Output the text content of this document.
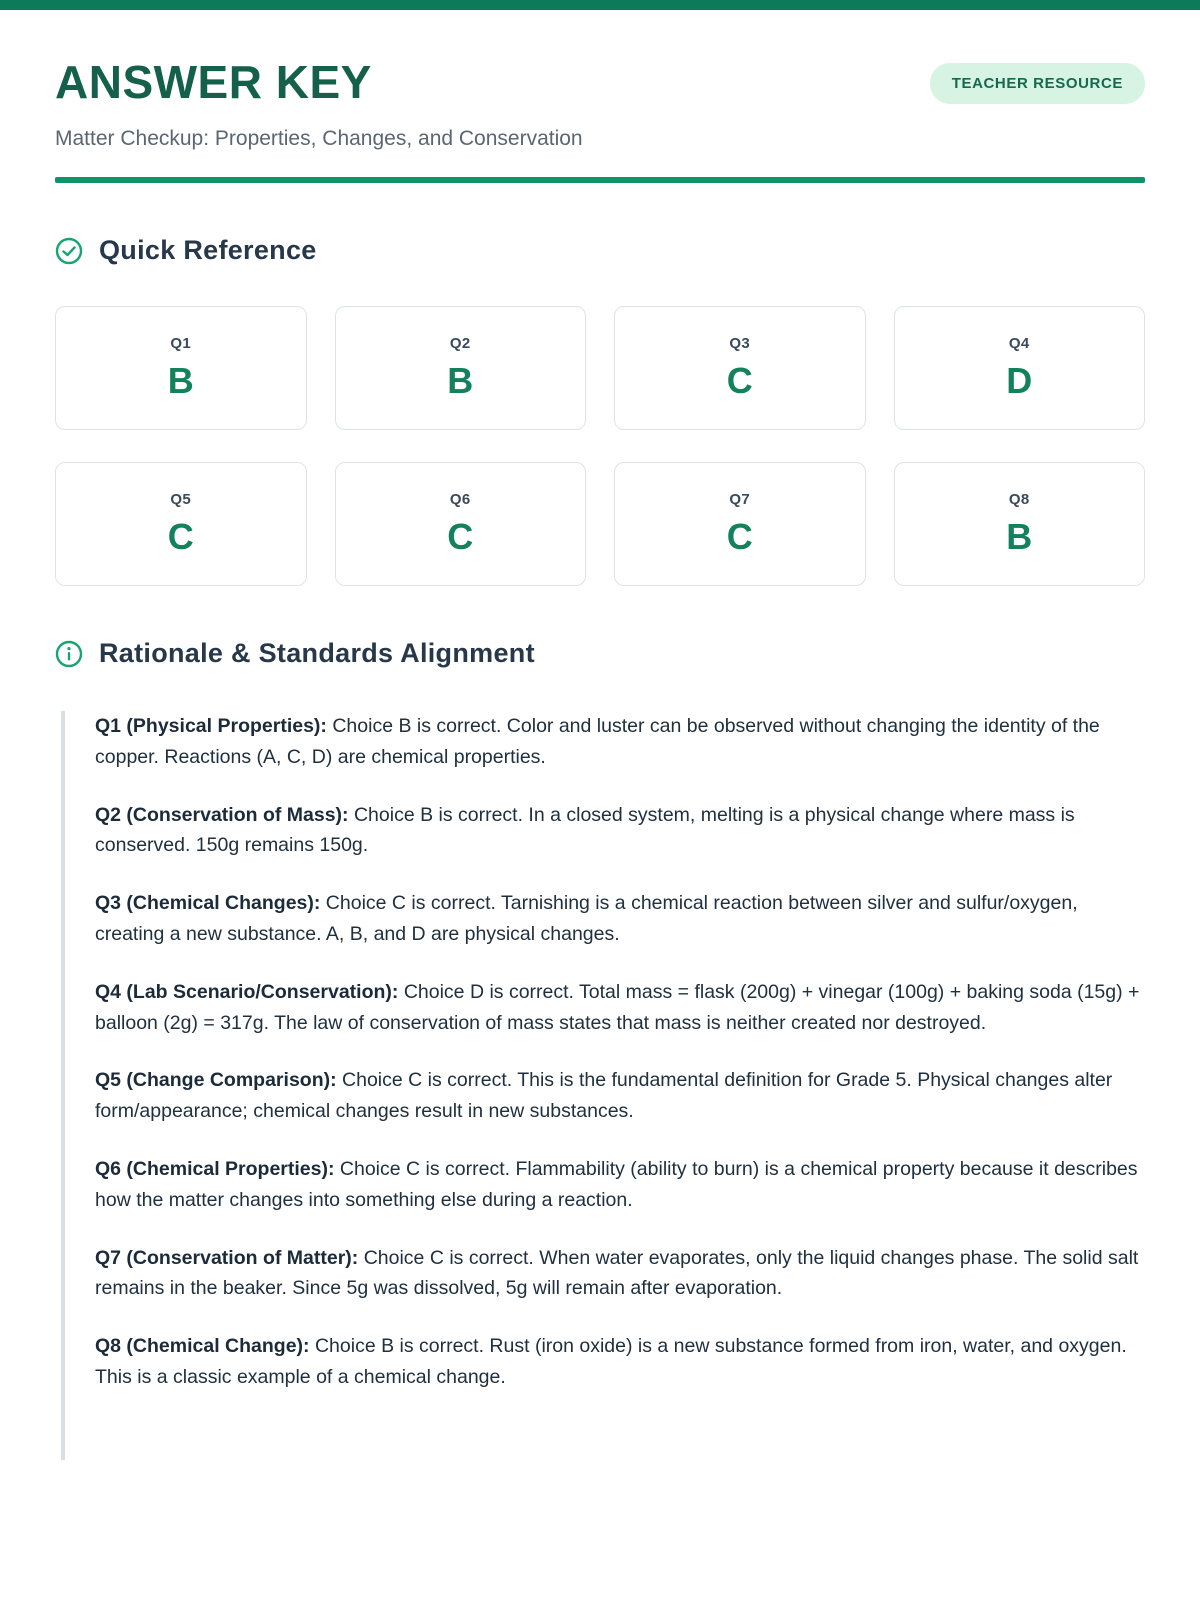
ANSWER KEY	TEACHER RESOURCE
Matter Checkup: Properties, Changes, and Conservation
Quick Reference
Q1
B
Q2
B
Q3
C
Q4
D
Q5
C
Q6
C
Q7
C
Q8
B
Rationale & Standards Alignment

Q1 (Physical Properties): Choice B is correct. Color and luster can be observed without changing the identity of the copper. Reactions (A, C, D) are chemical properties.

Q2 (Conservation of Mass): Choice B is correct. In a closed system, melting is a physical change where mass is conserved. 150g remains 150g.

Q3 (Chemical Changes): Choice C is correct. Tarnishing is a chemical reaction between silver and sulfur/oxygen, creating a new substance. A, B, and D are physical changes.

Q4 (Lab Scenario/Conservation): Choice D is correct. Total mass = flask (200g) + vinegar (100g) + baking soda (15g) + balloon (2g) = 317g. The law of conservation of mass states that mass is neither created nor destroyed.

Q5 (Change Comparison): Choice C is correct. This is the fundamental definition for Grade 5. Physical changes alter form/appearance; chemical changes result in new substances.

Q6 (Chemical Properties): Choice C is correct. Flammability (ability to burn) is a chemical property because it describes how the matter changes into something else during a reaction.

Q7 (Conservation of Matter): Choice C is correct. When water evaporates, only the liquid changes phase. The solid salt remains in the beaker. Since 5g was dissolved, 5g will remain after evaporation.

Q8 (Chemical Change): Choice B is correct. Rust (iron oxide) is a new substance formed from iron, water, and oxygen. This is a classic example of a chemical change.
